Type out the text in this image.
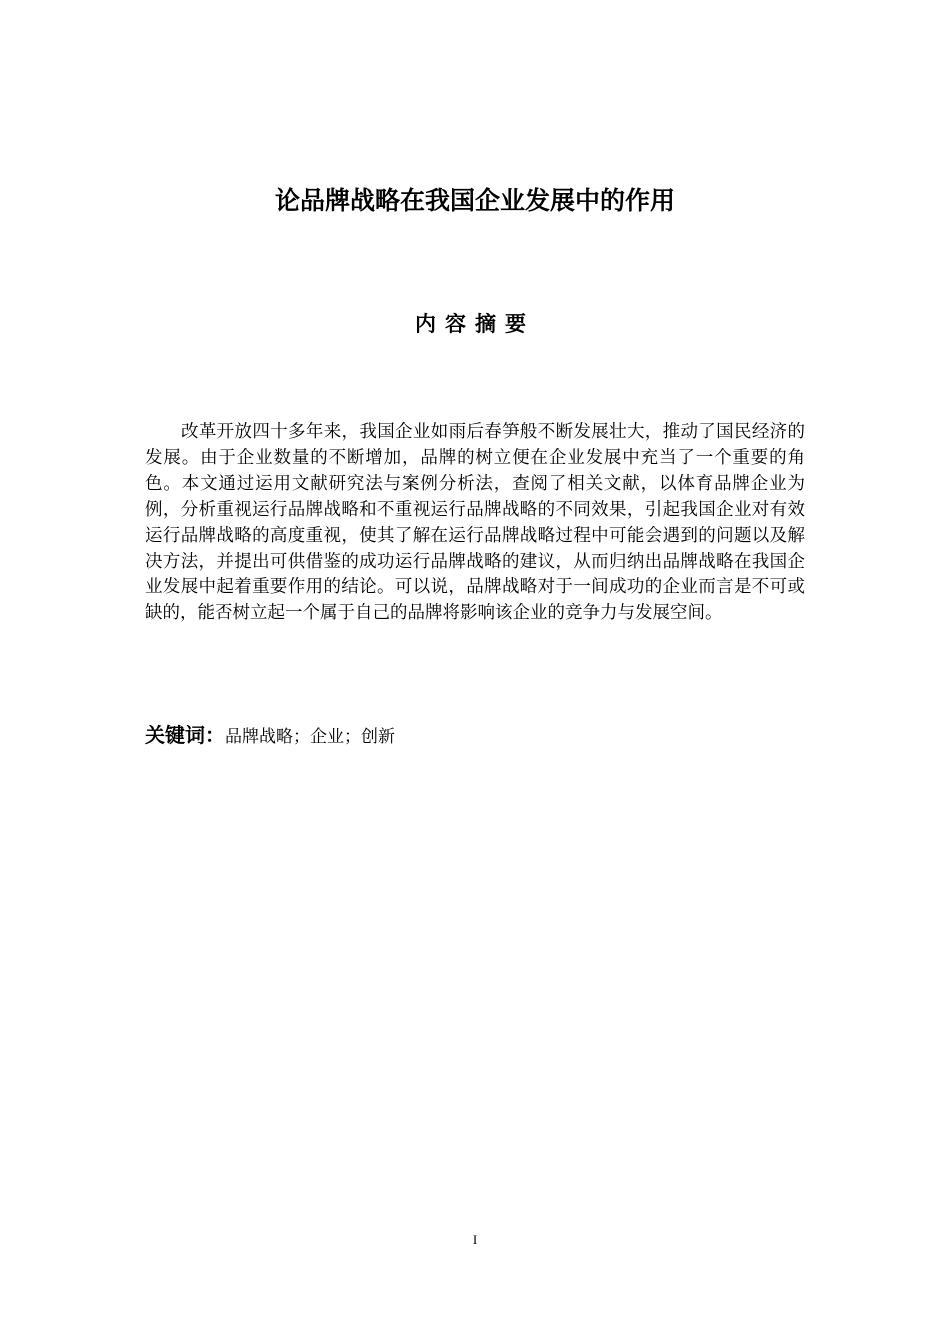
论品牌战略在我国企业发展中的作用
内容摘要

改革开放四十多年来，我国企业如雨后春笋般不断发展壮大，推动了国民经济的发展。由于企业数量的不断增加，品牌的树立便在企业发展中充当了一个重要的角色。本文通过运用文献研究法与案例分析法，查阅了相关文献，以体育品牌企业为例，分析重视运行品牌战略和不重视运行品牌战略的不同效果，引起我国企业对有效运行品牌战略的高度重视，使其了解在运行品牌战略过程中可能会遇到的问题以及解决方法，并提出可供借鉴的成功运行品牌战略的建议，从而归纳出品牌战略在我国企业发展中起着重要作用的结论。可以说，品牌战略对于一间成功的企业而言是不可或缺的，能否树立起一个属于自己的品牌将影响该企业的竞争力与发展空间。

关键词：品牌战略；企业；创新

I
